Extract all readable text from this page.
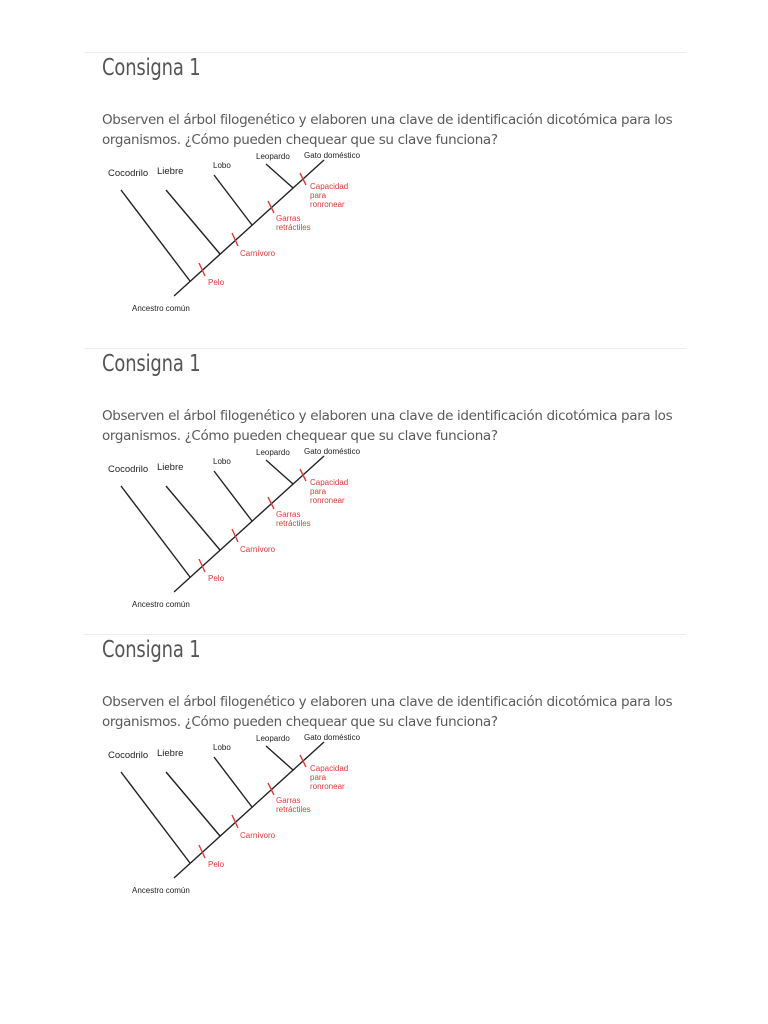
Consigna 1

Observen el árbol filogenético y elaboren una clave de identificación dicotómica para los organismos. ¿Cómo pueden chequear que su clave funciona?

Cocodrilo Liebre
Lobo
Leopardo Gato doméstico
Ancestro común
Pelo
Carnívoro
Garras retráctiles
Capacidad para ronronear
Consigna 1

Observen el árbol filogenético y elaboren una clave de identificación dicotómica para los organismos. ¿Cómo pueden chequear que su clave funciona?

Cocodrilo Liebre
Lobo
Leopardo Gato doméstico
Ancestro común
Pelo
Carnívoro
Garras retráctiles
Capacidad para ronronear
Consigna 1

Observen el árbol filogenético y elaboren una clave de identificación dicotómica para los organismos. ¿Cómo pueden chequear que su clave funciona?

Cocodrilo Liebre
Lobo
Leopardo Gato doméstico
Ancestro común
Pelo
Carnívoro
Garras retráctiles
Capacidad para ronronear
